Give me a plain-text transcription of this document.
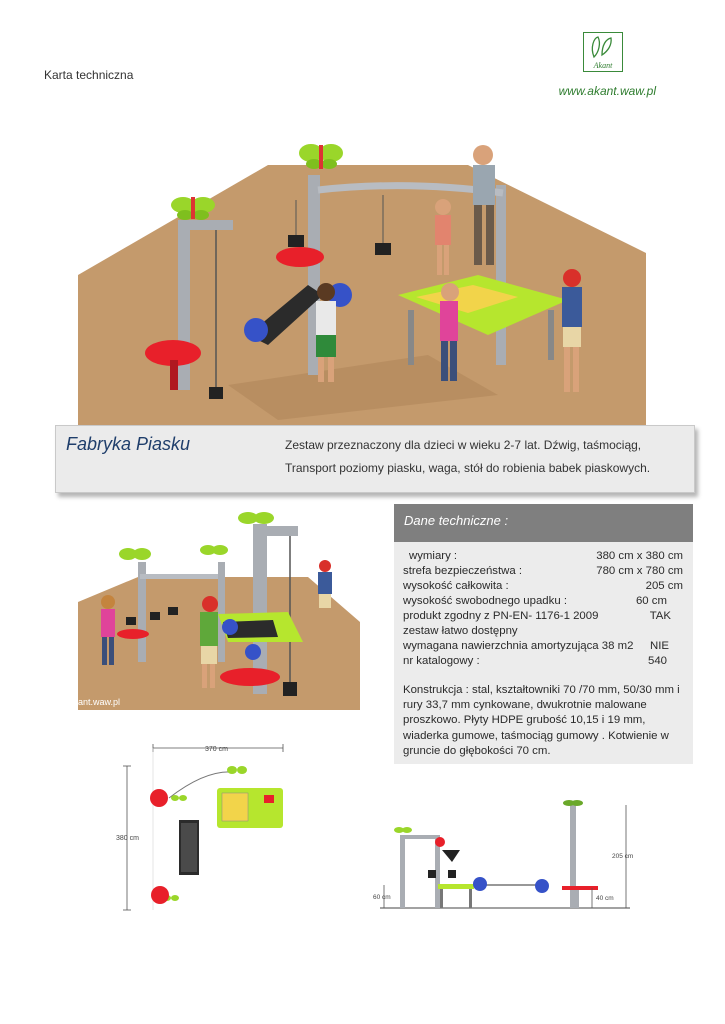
Karta techniczna
Akant
www.akant.waw.pl
Fabryka Piasku	Zestaw przeznaczony dla dzieci w wieku 2-7 lat. Dźwig, taśmociąg,
Transport poziomy piasku, waga, stół do robienia babek piaskowych.
ant.waw.pl
Dane techniczne :
wymiary :	380 cm x 380 cm
strefa bezpieczeństwa :	780 cm x 780 cm
wysokość całkowita :	205 cm
wysokość swobodnego upadku :	60 cm
produkt zgodny z PN-EN- 1176-1 2009	TAK
zestaw łatwo dostępny
wymagana nawierzchnia amortyzująca 38 m2 NIE
nr katalogowy :	540
Konstrukcja : stal, kształtowniki 70 /70 mm, 50/30 mm i rury 33,7 mm cynkowane, dwukrotnie malowane proszkowo. Płyty HDPE grubość 10,15 i 19 mm, wiaderka gumowe, taśmociąg gumowy . Kotwienie w gruncie do głębokości 70 cm.
370 cm
380 cm
60 cm
205 cm
40 cm
